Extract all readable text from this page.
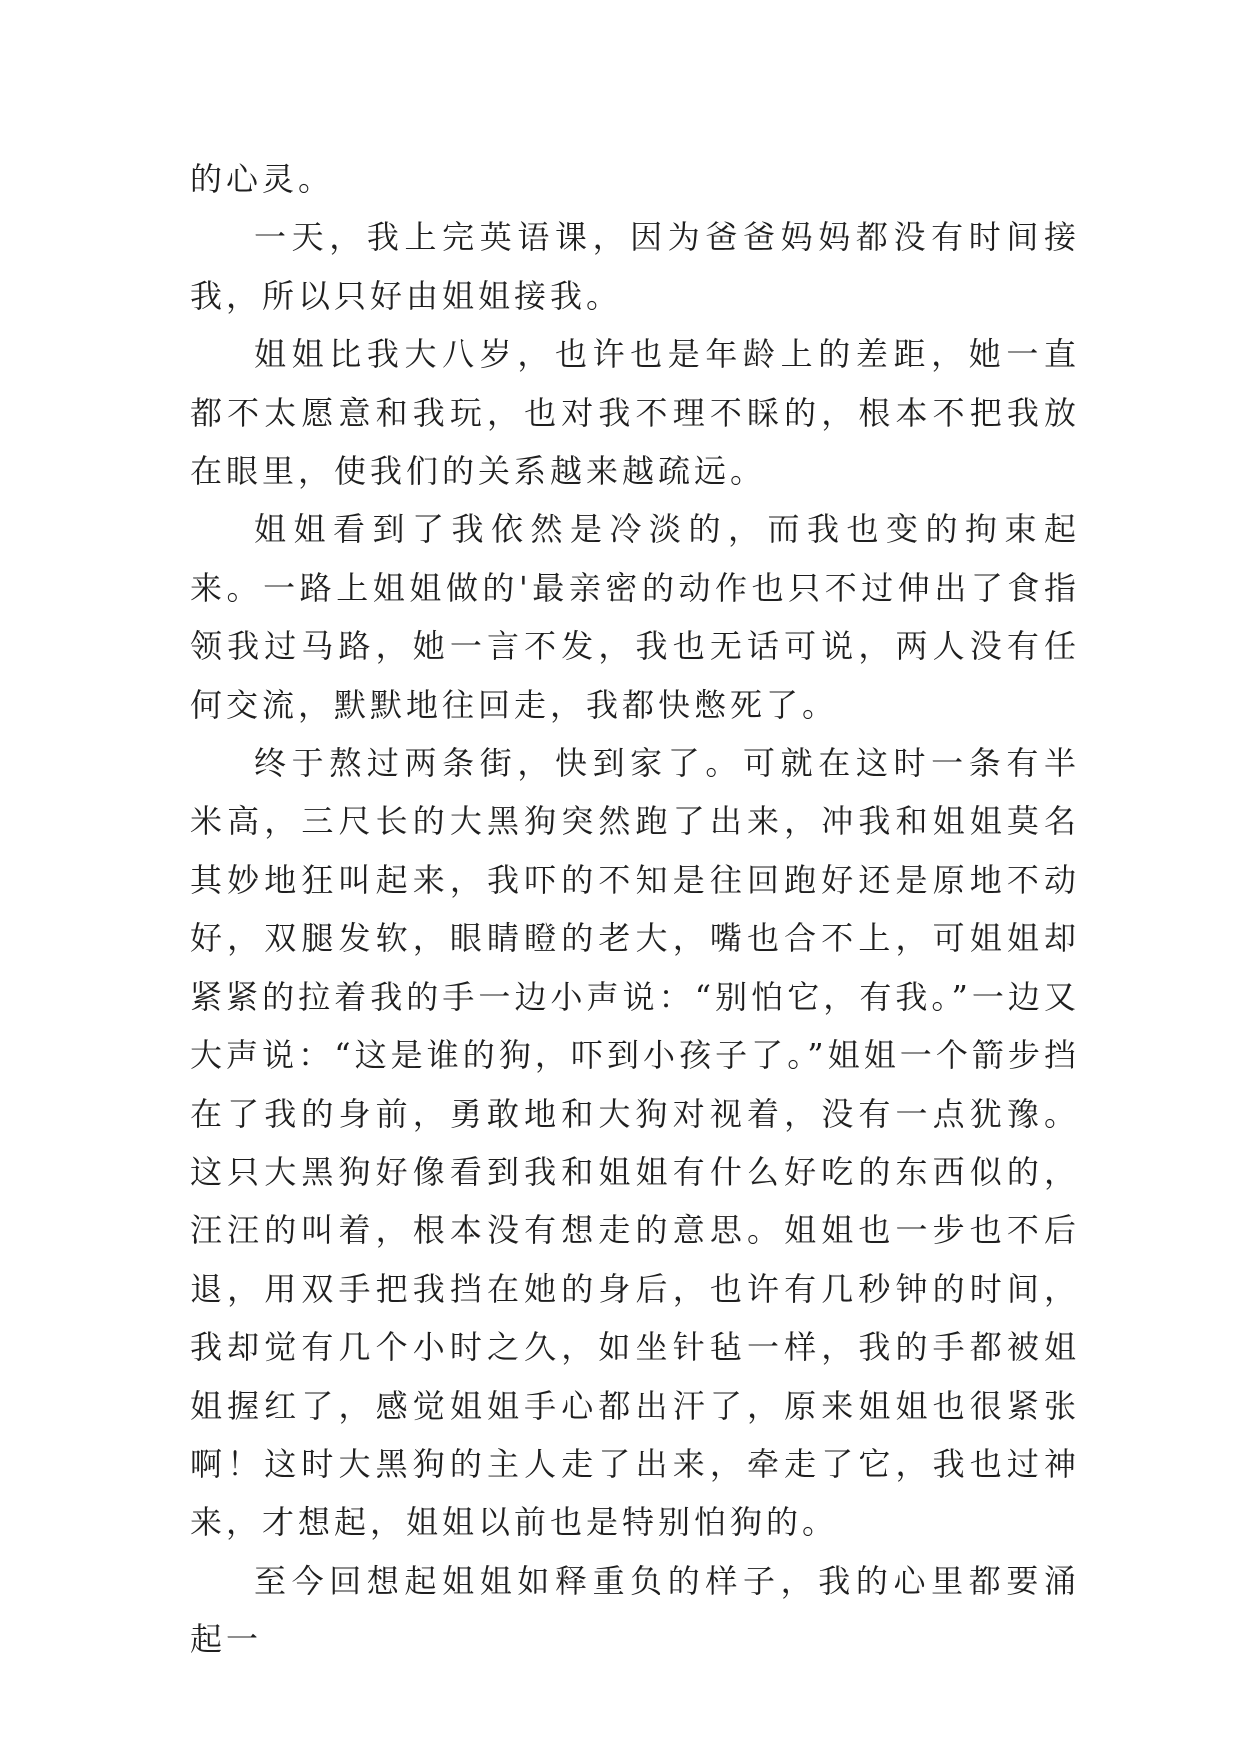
的心灵。

一天，我上完英语课，因为爸爸妈妈都没有时间接我，所以只好由姐姐接我。

姐姐比我大八岁，也许也是年龄上的差距，她一直都不太愿意和我玩，也对我不理不睬的，根本不把我放在眼里，使我们的关系越来越疏远。

姐姐看到了我依然是冷淡的，而我也变的拘束起来。一路上姐姐做的'最亲密的动作也只不过伸出了食指领我过马路，她一言不发，我也无话可说，两人没有任何交流，默默地往回走，我都快憋死了。

终于熬过两条街，快到家了。可就在这时一条有半米高，三尺长的大黑狗突然跑了出来，冲我和姐姐莫名其妙地狂叫起来，我吓的不知是往回跑好还是原地不动好，双腿发软，眼睛瞪的老大，嘴也合不上，可姐姐却紧紧的拉着我的手一边小声说：“别怕它，有我。”一边又大声说：“这是谁的狗，吓到小孩子了。”姐姐一个箭步挡在了我的身前，勇敢地和大狗对视着，没有一点犹豫。这只大黑狗好像看到我和姐姐有什么好吃的东西似的，汪汪的叫着，根本没有想走的意思。姐姐也一步也不后退，用双手把我挡在她的身后，也许有几秒钟的时间，我却觉有几个小时之久，如坐针毡一样，我的手都被姐姐握红了，感觉姐姐手心都出汗了，原来姐姐也很紧张啊！这时大黑狗的主人走了出来，牵走了它，我也过神来，才想起，姐姐以前也是特别怕狗的。

至今回想起姐姐如释重负的样子，我的心里都要涌起一
